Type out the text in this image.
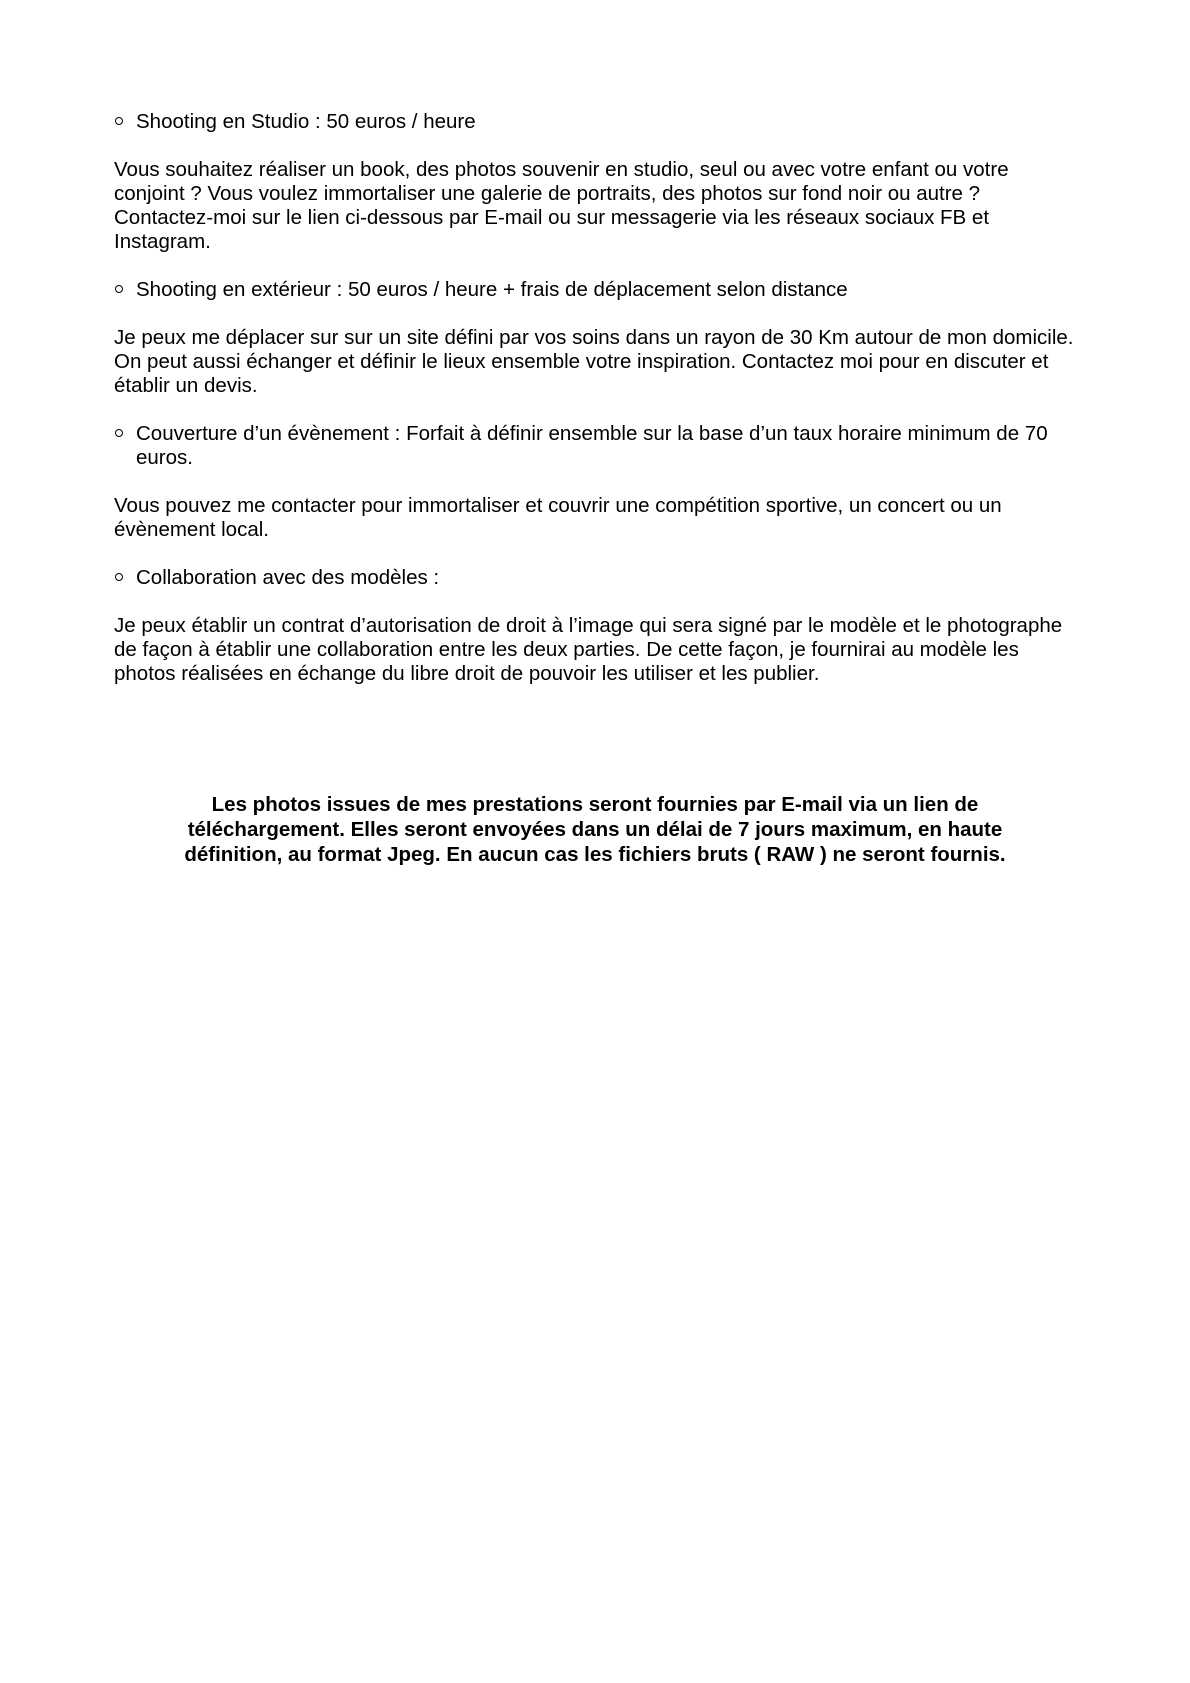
Shooting en Studio : 50 euros / heure
Vous souhaitez réaliser un book, des photos souvenir en studio, seul ou avec votre enfant ou votre conjoint ? Vous voulez immortaliser une galerie de portraits, des photos sur fond noir ou autre ?
Contactez-moi sur le lien ci-dessous par E-mail ou sur messagerie via les réseaux sociaux FB et Instagram.
Shooting en extérieur : 50 euros / heure + frais de déplacement selon distance
Je peux me déplacer sur sur un site défini par vos soins dans un rayon de 30 Km autour de mon domicile. On peut aussi échanger et définir le lieux ensemble votre inspiration. Contactez moi pour en discuter et établir un devis.
Couverture d’un évènement : Forfait à définir ensemble sur la base d’un taux horaire minimum de 70 euros.
Vous pouvez me contacter pour immortaliser et couvrir une compétition sportive, un concert ou un évènement local.
Collaboration avec des modèles :
Je peux établir un contrat d’autorisation de droit à l’image qui sera signé par le modèle et le photographe de façon à établir une collaboration entre les deux parties. De cette façon, je fournirai au modèle les photos réalisées en échange du libre droit de pouvoir les utiliser et les publier.
Les photos issues de mes prestations seront fournies par E-mail via un lien de téléchargement. Elles seront envoyées dans un délai de 7 jours maximum, en haute définition, au format Jpeg. En aucun cas les fichiers bruts ( RAW ) ne seront fournis.
